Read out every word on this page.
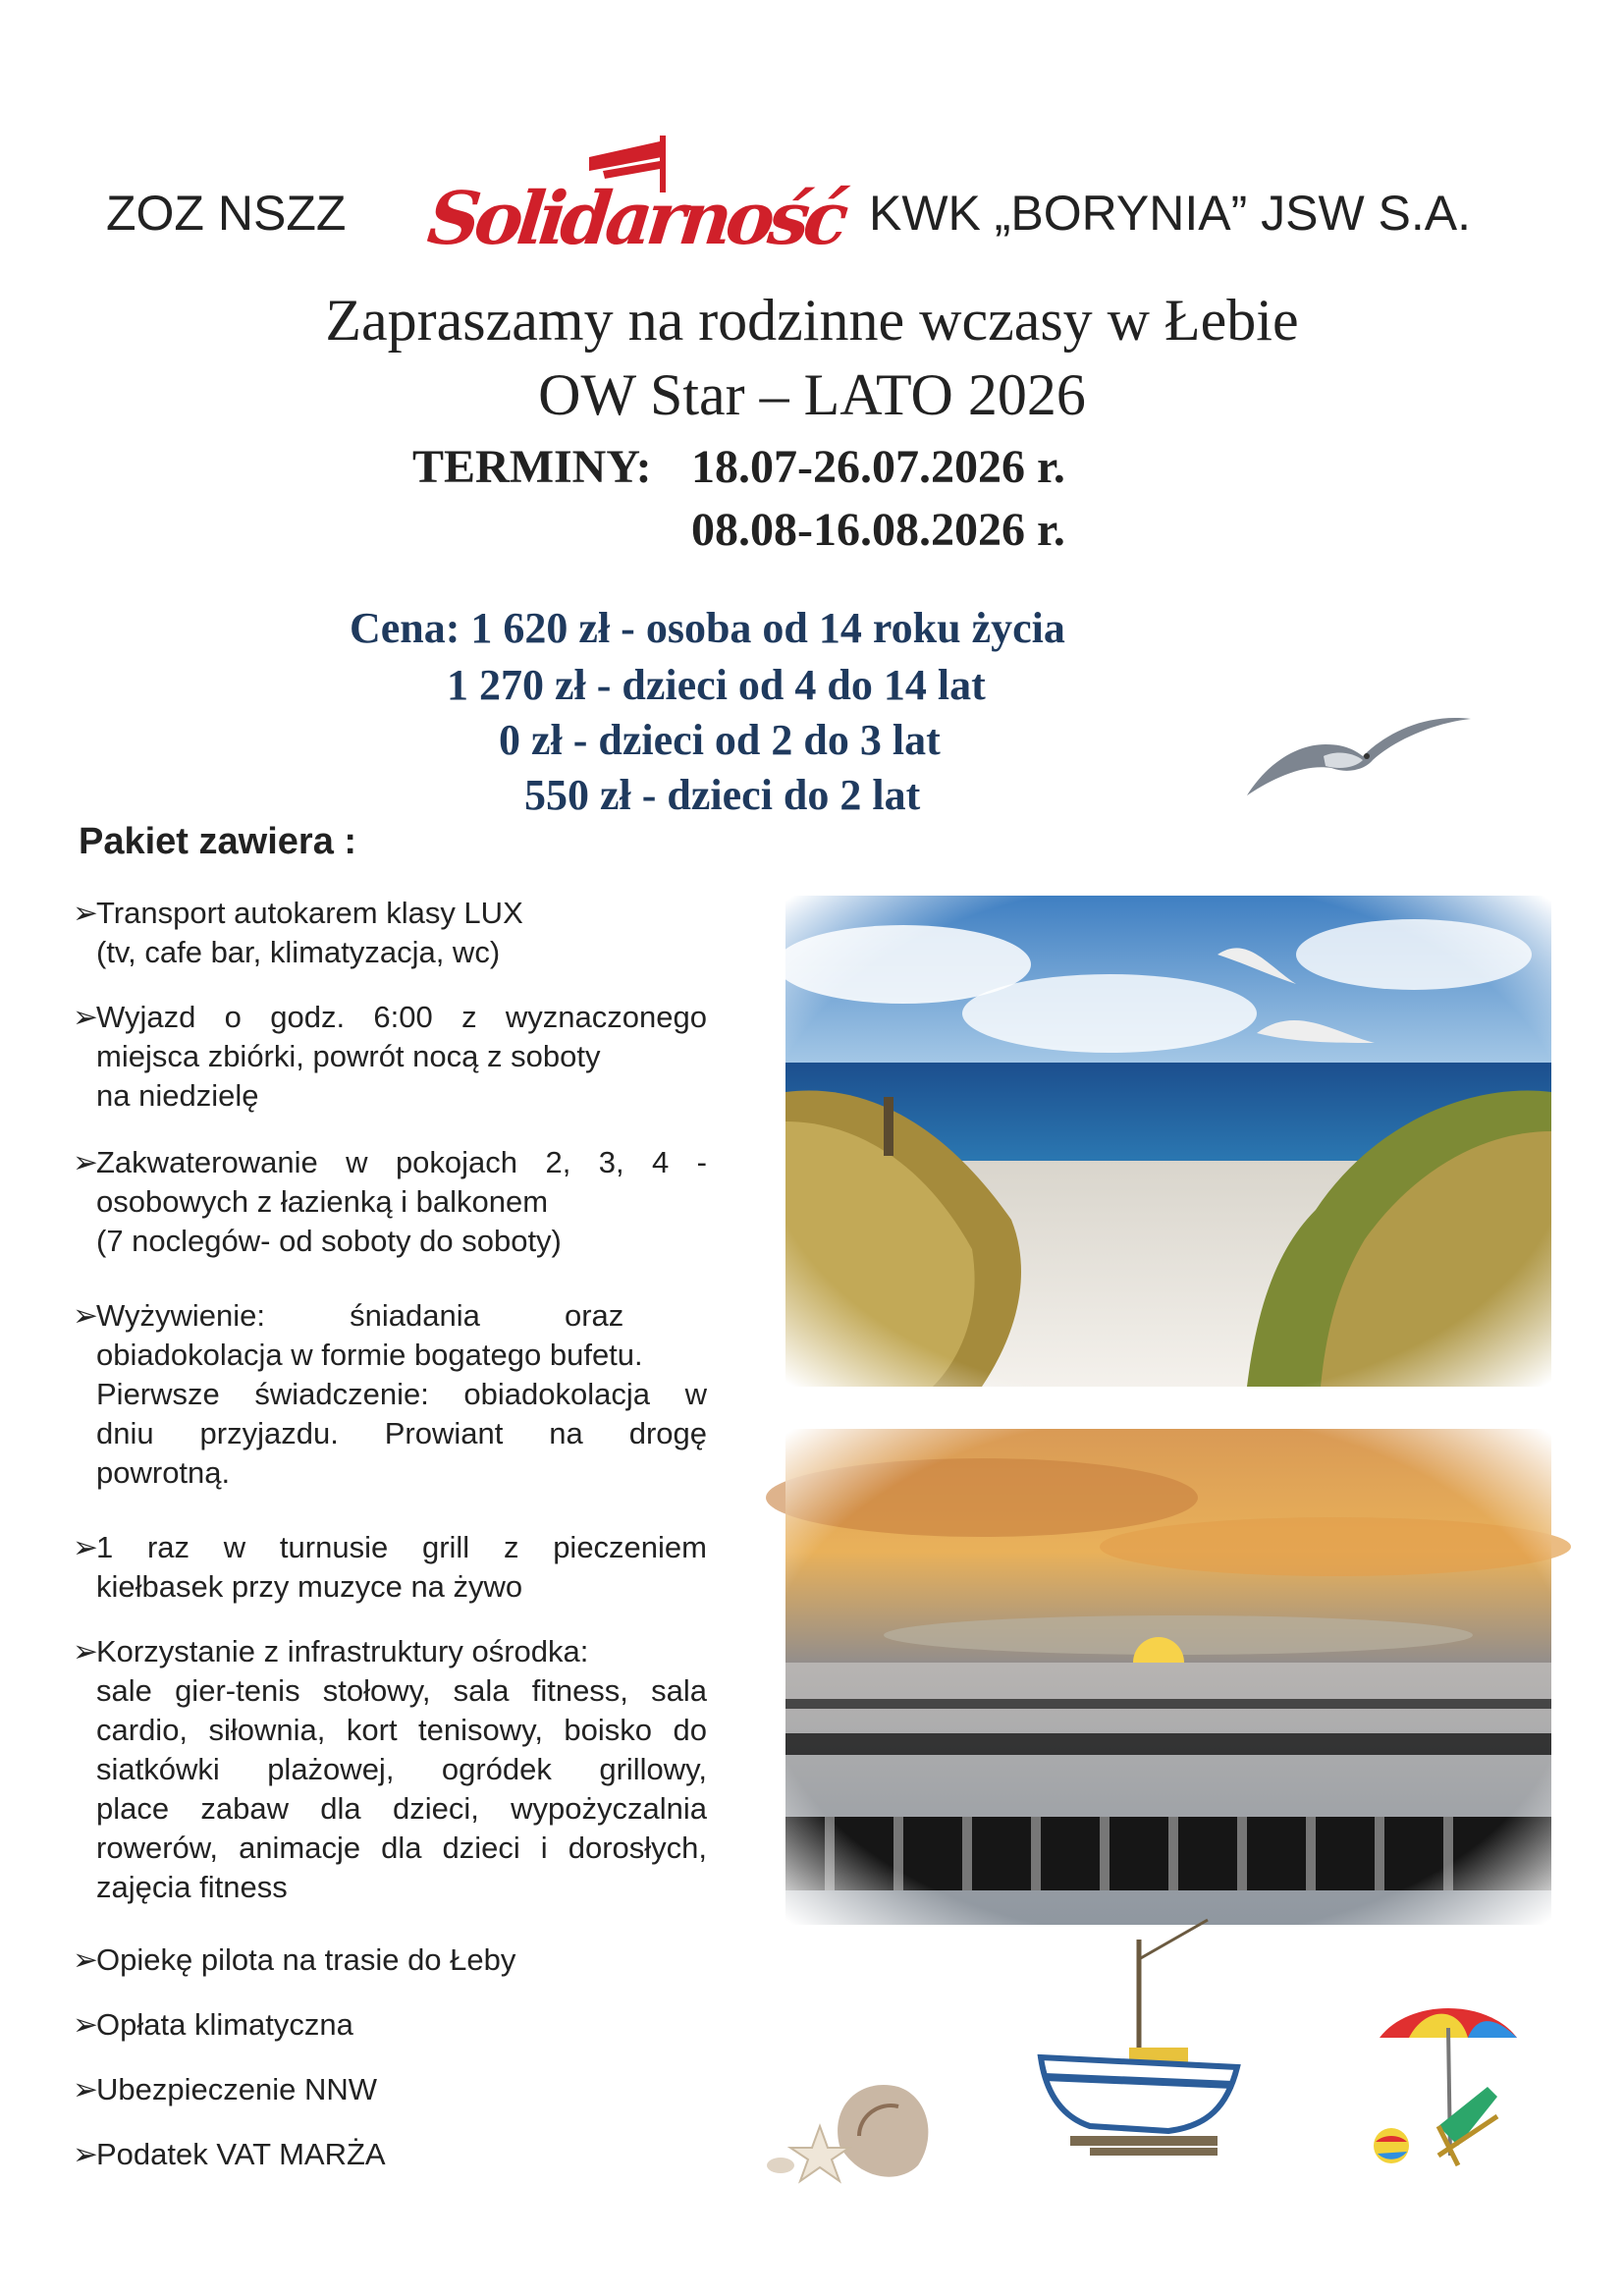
ZOZ NSZZ Solidarność KWK „BORYNIA” JSW S.A.
Zapraszamy na rodzinne wczasy w Łebie
OW Star – LATO 2026
TERMINY: 18.07-26.07.2026 r.
08.08-16.08.2026 r.
Cena: 1 620 zł - osoba od 14 roku życia
1 270 zł - dzieci od 4 do 14 lat
0 zł - dzieci od 2 do 3 lat
550 zł - dzieci do 2 lat
Pakiet zawiera :
➢Transport autokarem klasy LUX
(tv, cafe bar, klimatyzacja, wc)
➢Wyjazd o godz. 6:00 z wyznaczonego
miejsca zbiórki, powrót nocą z soboty
na niedzielę
➢Zakwaterowanie w pokojach 2, 3, 4 -
osobowych z łazienką i balkonem
(7 noclegów- od soboty do soboty)
➢Wyżywienie:          śniadania          oraz
obiadokolacja w formie bogatego bufetu.
Pierwsze świadczenie: obiadokolacja w
dniu przyjazdu. Prowiant na drogę
powrotną.
➢1 raz w turnusie grill z pieczeniem
kiełbasek przy muzyce na żywo
➢Korzystanie z infrastruktury ośrodka:
sale gier-tenis stołowy, sala fitness, sala
cardio, siłownia, kort tenisowy, boisko do
siatkówki plażowej, ogródek grillowy,
place zabaw dla dzieci, wypożyczalnia
rowerów, animacje dla dzieci i dorosłych,
zajęcia fitness
➢Opiekę pilota na trasie do Łeby
➢Opłata klimatyczna
➢Ubezpieczenie NNW
➢Podatek VAT MARŻA
